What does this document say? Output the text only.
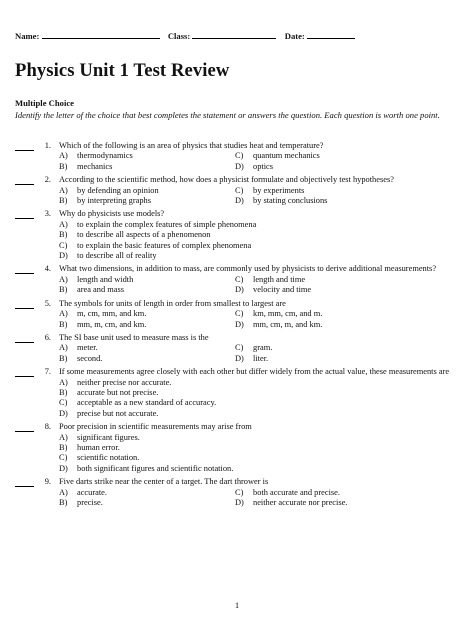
Name:	Class:	Date:
Physics Unit 1 Test Review
Multiple Choice
Identify the letter of the choice that best completes the statement or answers the question. Each question is worth one point.
1. Which of the following is an area of physics that studies heat and temperature?
A)	thermodynamics	C)	quantum mechanics
B)	mechanics	D)	optics
2. According to the scientific method, how does a physicist formulate and objectively test hypotheses?
A)	by defending an opinion	C)	by experiments
B)	by interpreting graphs	D)	by stating conclusions
3. Why do physicists use models?
A)	to explain the complex features of simple phenomena
B)	to describe all aspects of a phenomenon
C)	to explain the basic features of complex phenomena
D)	to describe all of reality
4. What two dimensions, in addition to mass, are commonly used by physicists to derive additional measurements?
A)	length and width	C)	length and time
B)	area and mass	D)	velocity and time
5. The symbols for units of length in order from smallest to largest are
A)	m, cm, mm, and km.	C)	km, mm, cm, and m.
B)	mm, m, cm, and km.	D)	mm, cm, m, and km.
6. The SI base unit used to measure mass is the
A)	meter.	C)	gram.
B)	second.	D)	liter.
7. If some measurements agree closely with each other but differ widely from the actual value, these measurements are
A)	neither precise nor accurate.
B)	accurate but not precise.
C)	acceptable as a new standard of accuracy.
D)	precise but not accurate.
8. Poor precision in scientific measurements may arise from
A)	significant figures.
B)	human error.
C)	scientific notation.
D)	both significant figures and scientific notation.
9. Five darts strike near the center of a target. The dart thrower is
A)	accurate.	C)	both accurate and precise.
B)	precise.	D)	neither accurate nor precise.
1
